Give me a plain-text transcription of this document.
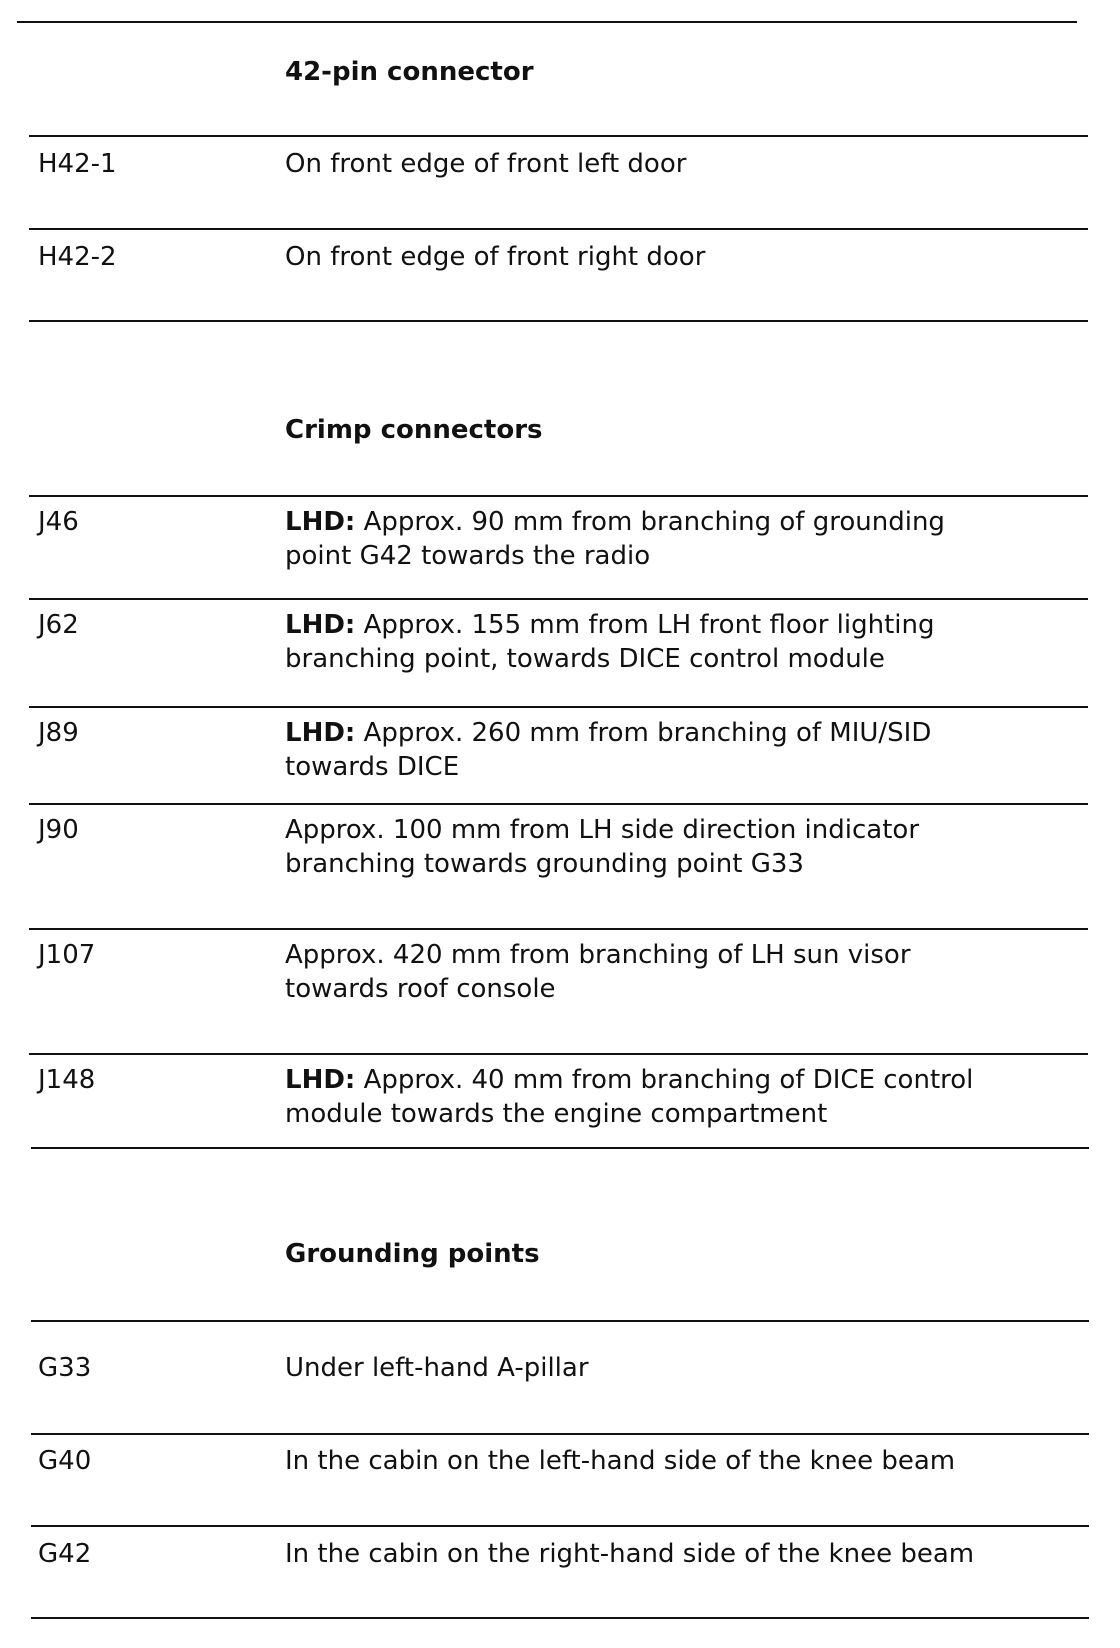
42-pin connector
H42-1	On front edge of front left door
H42-2	On front edge of front right door
Crimp connectors
J46	LHD: Approx. 90 mm from branching of grounding
point G42 towards the radio
J62	LHD: Approx. 155 mm from LH front floor lighting
branching point, towards DICE control module
J89	LHD: Approx. 260 mm from branching of MIU/SID
towards DICE
J90	Approx. 100 mm from LH side direction indicator
branching towards grounding point G33
J107	Approx. 420 mm from branching of LH sun visor
towards roof console
J148	LHD: Approx. 40 mm from branching of DICE control
module towards the engine compartment
Grounding points
G33	Under left-hand A-pillar
G40	In the cabin on the left-hand side of the knee beam
G42	In the cabin on the right-hand side of the knee beam
